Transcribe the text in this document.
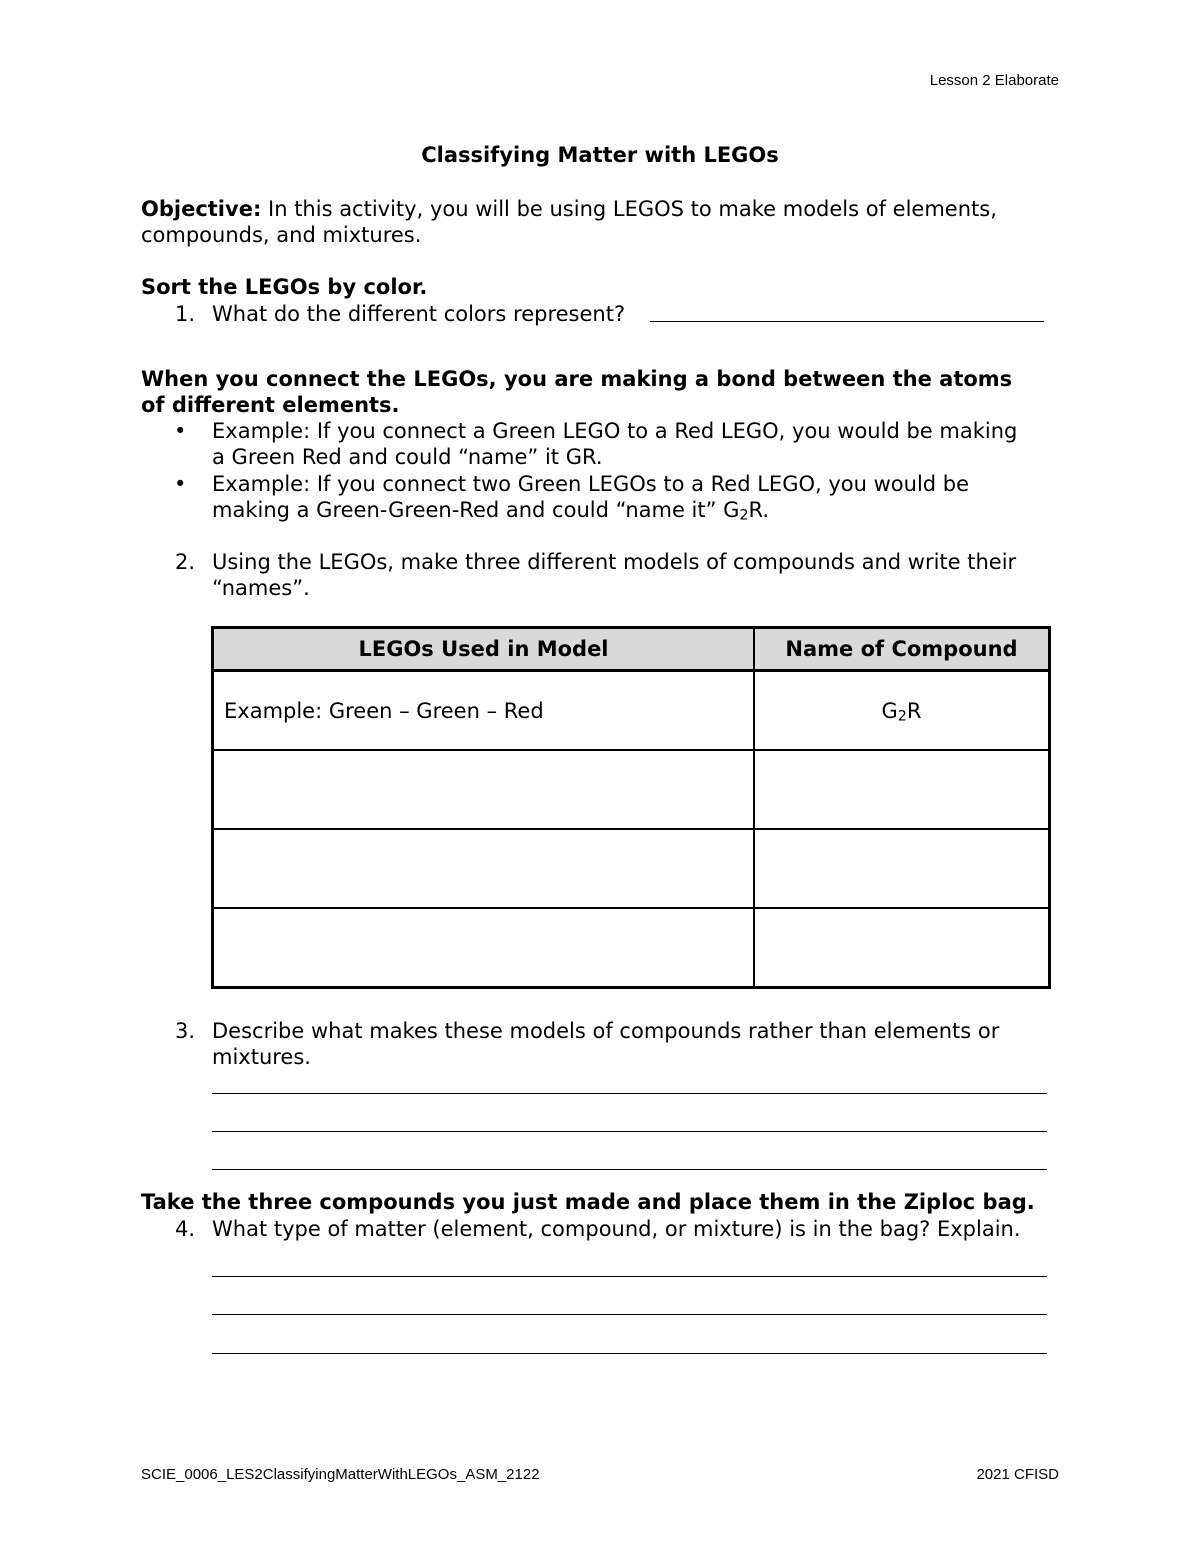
Lesson 2 Elaborate
Classifying Matter with LEGOs
Objective: In this activity, you will be using LEGOS to make models of elements,
compounds, and mixtures.
Sort the LEGOs by color.
1. What do the different colors represent?
When you connect the LEGOs, you are making a bond between the atoms
of different elements.
• Example: If you connect a Green LEGO to a Red LEGO, you would be making
a Green Red and could “name” it GR.
• Example: If you connect two Green LEGOs to a Red LEGO, you would be
making a Green-Green-Red and could “name it” $G_2R$.
2. Using the LEGOs, make three different models of compounds and write their
“names”.
LEGOs Used in Model	Name of Compound
Example: Green – Green – Red	$G_2R$

3. Describe what makes these models of compounds rather than elements or
mixtures.
Take the three compounds you just made and place them in the Ziploc bag.
4. What type of matter (element, compound, or mixture) is in the bag? Explain.
SCIE_0006_LES2ClassifyingMatterWithLEGOs_ASM_2122	2021 CFISD
